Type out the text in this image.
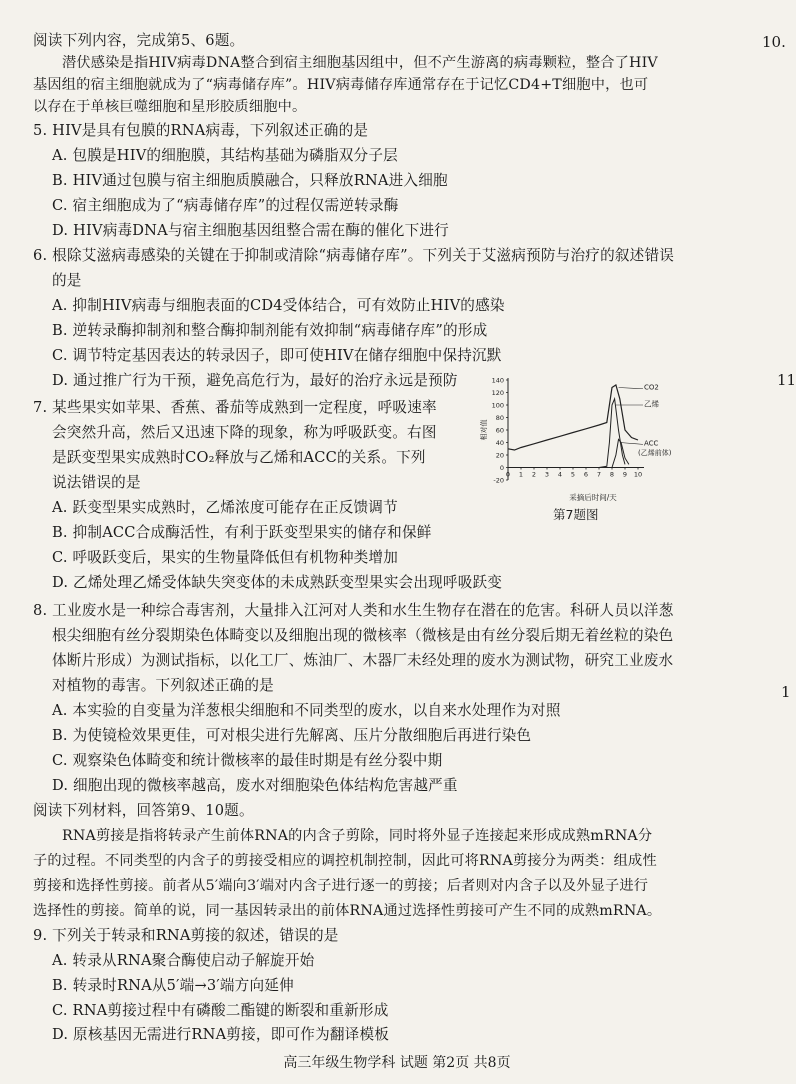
10.
11
1
阅读下列内容，完成第5、6题。
潜伏感染是指HIV病毒DNA整合到宿主细胞基因组中，但不产生游离的病毒颗粒，整合了HIV
基因组的宿主细胞就成为了“病毒储存库”。HIV病毒储存库通常存在于记忆CD4+T细胞中，也可
以存在于单核巨噬细胞和星形胶质细胞中。
5. HIV是具有包膜的RNA病毒，下列叙述正确的是
A. 包膜是HIV的细胞膜，其结构基础为磷脂双分子层
B. HIV通过包膜与宿主细胞质膜融合，只释放RNA进入细胞
C. 宿主细胞成为了“病毒储存库”的过程仅需逆转录酶
D. HIV病毒DNA与宿主细胞基因组整合需在酶的催化下进行
6. 根除艾滋病毒感染的关键在于抑制或清除“病毒储存库”。下列关于艾滋病预防与治疗的叙述错误
的是
A. 抑制HIV病毒与细胞表面的CD4受体结合，可有效防止HIV的感染
B. 逆转录酶抑制剂和整合酶抑制剂能有效抑制“病毒储存库”的形成
C. 调节特定基因表达的转录因子，即可使HIV在储存细胞中保持沉默
D. 通过推广行为干预，避免高危行为，最好的治疗永远是预防
7. 某些果实如苹果、香蕉、番茄等成熟到一定程度，呼吸速率
会突然升高，然后又迅速下降的现象，称为呼吸跃变。右图
是跃变型果实成熟时CO₂释放与乙烯和ACC的关系。下列
说法错误的是
A. 跃变型果实成熟时，乙烯浓度可能存在正反馈调节
B. 抑制ACC合成酶活性，有利于跃变型果实的储存和保鲜
C. 呼吸跃变后，果实的生物量降低但有机物种类增加
D. 乙烯处理乙烯受体缺失突变体的未成熟跃变型果实会出现呼吸跃变
-20
0
20
40
60
80
100
120
140
0 1 2 3 4 5 6 7 8 9 10
相对值
采摘后时间/天
CO2
乙烯
ACC
(乙烯前体)
第7题图
8. 工业废水是一种综合毒害剂，大量排入江河对人类和水生生物存在潜在的危害。科研人员以洋葱
根尖细胞有丝分裂期染色体畸变以及细胞出现的微核率（微核是由有丝分裂后期无着丝粒的染色
体断片形成）为测试指标，以化工厂、炼油厂、木器厂未经处理的废水为测试物，研究工业废水
对植物的毒害。下列叙述正确的是
A. 本实验的自变量为洋葱根尖细胞和不同类型的废水，以自来水处理作为对照
B. 为使镜检效果更佳，可对根尖进行先解离、压片分散细胞后再进行染色
C. 观察染色体畸变和统计微核率的最佳时期是有丝分裂中期
D. 细胞出现的微核率越高，废水对细胞染色体结构危害越严重
阅读下列材料，回答第9、10题。
RNA剪接是指将转录产生前体RNA的内含子剪除，同时将外显子连接起来形成成熟mRNA分
子的过程。不同类型的内含子的剪接受相应的调控机制控制，因此可将RNA剪接分为两类：组成性
剪接和选择性剪接。前者从5′端向3′端对内含子进行逐一的剪接；后者则对内含子以及外显子进行
选择性的剪接。简单的说，同一基因转录出的前体RNA通过选择性剪接可产生不同的成熟mRNA。
9. 下列关于转录和RNA剪接的叙述，错误的是
A. 转录从RNA聚合酶使启动子解旋开始
B. 转录时RNA从5′端→3′端方向延伸
C. RNA剪接过程中有磷酸二酯键的断裂和重新形成
D. 原核基因无需进行RNA剪接，即可作为翻译模板
高三年级生物学科 试题 第2页 共8页
